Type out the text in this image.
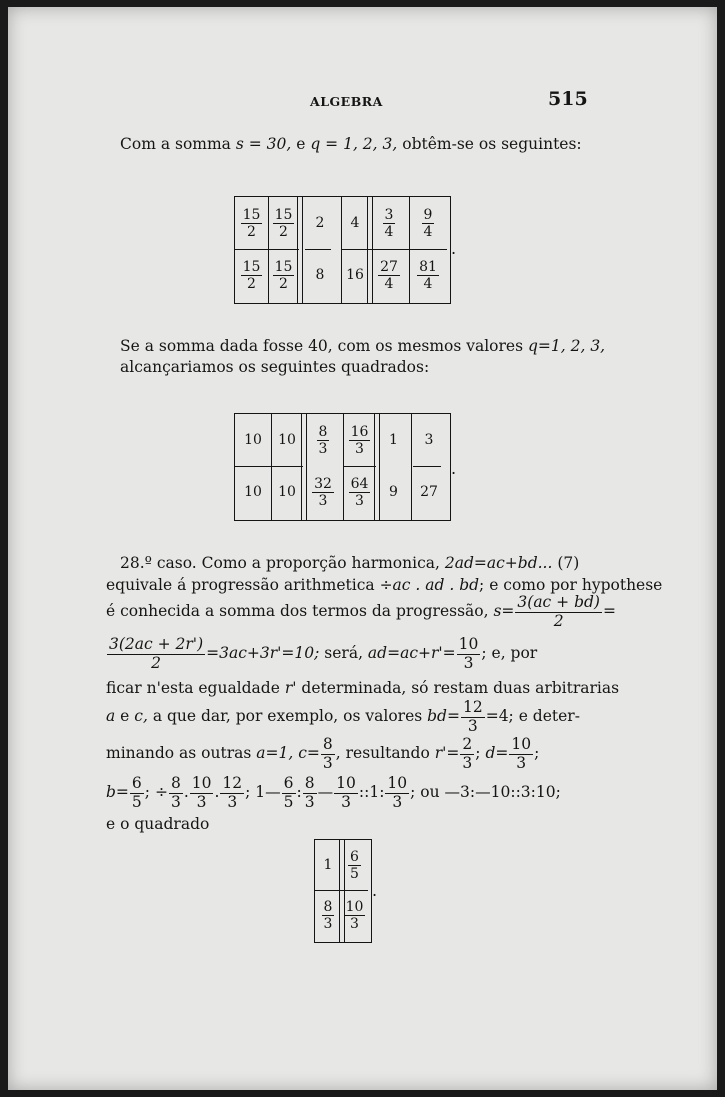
ALGEBRA	515
Com a somma s = 30, e q = 1, 2, 3, obtêm-se os seguintes:
$\frac{15}{2} \frac{15}{2}$	2	4	$\frac{3}{4} \frac{9}{4}$
$\frac{15}{2} \frac{15}{2}$	8	16	$\frac{27}{4} \frac{81}{4}$
.
Se a somma dada fosse 40, com os mesmos valores q=1, 2, 3,
alcançariamos os seguintes quadrados:
10	10	$\frac{8}{3} \frac{16}{3}$	1	3
10	10	$\frac{32}{3} \frac{64}{3}$	9	27
.
28.º caso. Como a proporção harmonica, 2ad=ac+bd... (7)
equivale á progressão arithmetica ÷ac . ad . bd; e como por hypothese
é conhecida a somma dos termos da progressão, $s= \frac{3(ac + bd)}{2}$ =
$\frac{3(2ac + 2r')}{2} =3ac+3r'=10$; será, $ad=ac+r'= \frac{10}{3}$ ; e, por
ficar n'esta egualdade r' determinada, só restam duas arbitrarias
a e c, a que dar, por exemplo, os valores $bd= \frac{12}{3} =4$; e deter-
minando as outras a=1, $c= \frac{8}{3}$ , resultando $r'= \frac{2}{3}$ ; $d= \frac{10}{3}$ ;
$b= \frac{6}{5}$ ; ÷ $\frac{8}{3}$ . $\frac{10}{3}$ . $\frac{12}{3}$ ; 1— $\frac{6}{5}$ : $\frac{8}{3}$ — $\frac{10}{3}$ ::1: $\frac{10}{3}$ ; ou —3:—10::3:10;
e o quadrado
1	$\frac{6}{5}$
$\frac{8}{3} \frac{10}{3}$
.
